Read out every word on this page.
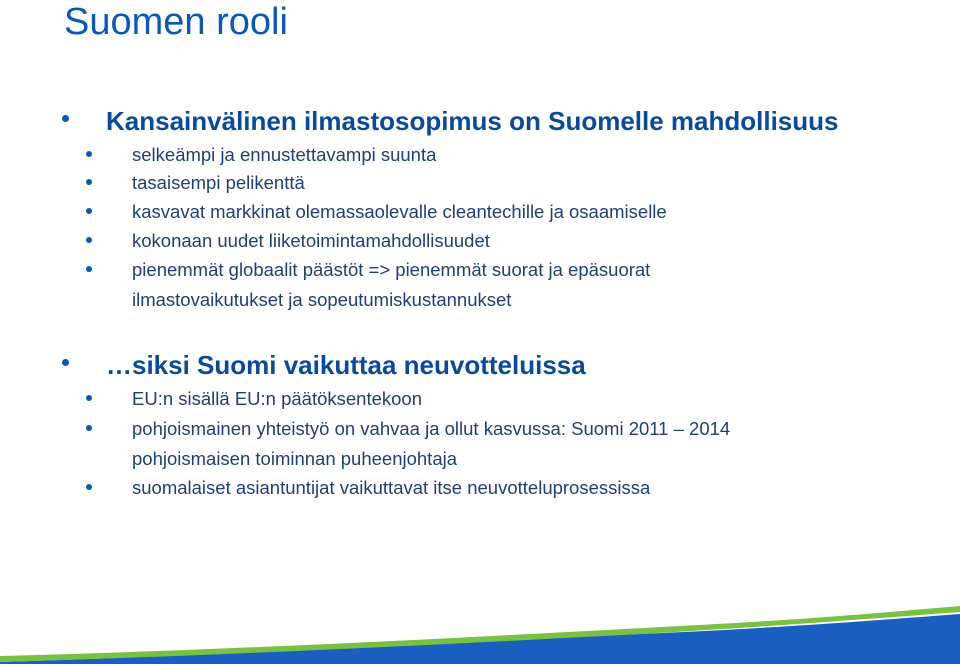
Suomen rooli
Kansainvälinen ilmastosopimus on Suomelle mahdollisuus
selkeämpi ja ennustettavampi suunta
tasaisempi pelikenttä
kasvavat markkinat olemassaolevalle cleantechille ja osaamiselle
kokonaan uudet liiketoimintamahdollisuudet
pienemmät globaalit päästöt => pienemmät suorat ja epäsuorat
ilmastovaikutukset ja sopeutumiskustannukset
…siksi Suomi vaikuttaa neuvotteluissa
EU:n sisällä EU:n päätöksentekoon
pohjoismainen yhteistyö on vahvaa ja ollut kasvussa: Suomi 2011 – 2014
pohjoismaisen toiminnan puheenjohtaja
suomalaiset asiantuntijat vaikuttavat itse neuvotteluprosessissa
